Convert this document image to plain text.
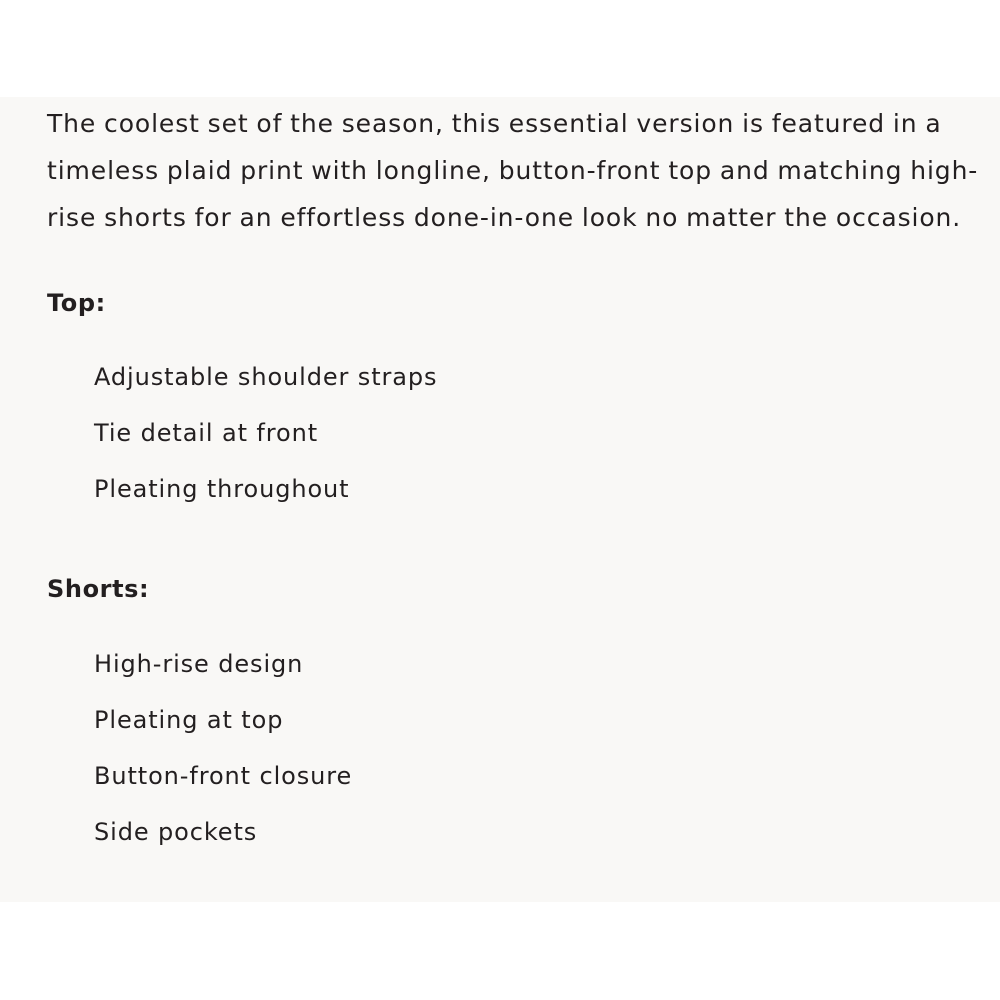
The coolest set of the season, this essential version is featured in a timeless plaid print with longline, button-front top and matching high-rise shorts for an effortless done-in-one look no matter the occasion.

Top:
Adjustable shoulder straps
Tie detail at front
Pleating throughout
Shorts:
High-rise design
Pleating at top
Button-front closure
Side pockets
